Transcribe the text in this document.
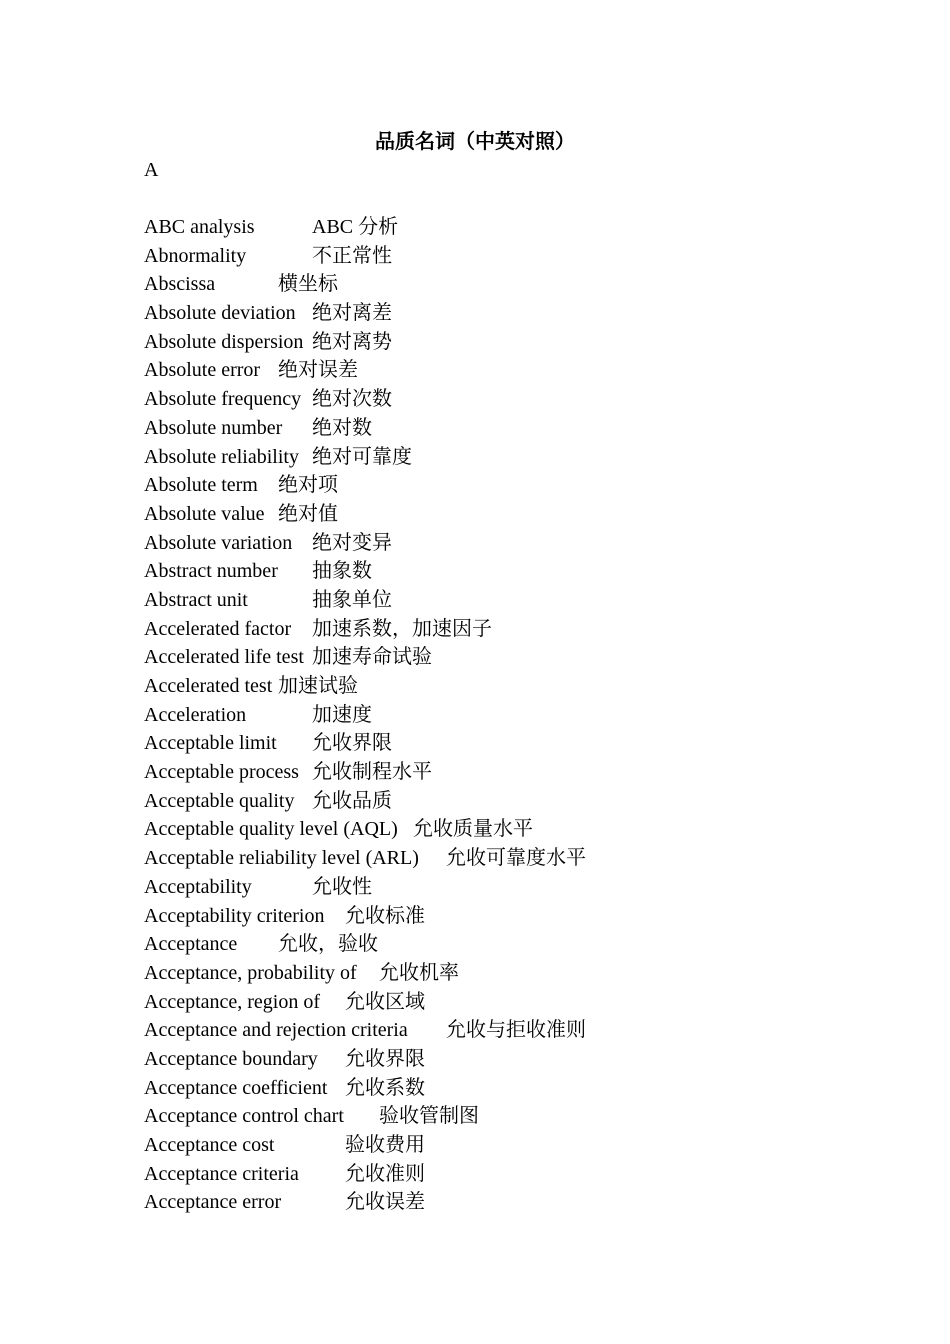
品质名词（中英对照）
A
ABC analysis	ABC 分析
Abnormality	不正常性
Abscissa	横坐标
Absolute deviation 绝对离差
Absolute dispersion 绝对离势
Absolute error 绝对误差
Absolute frequency 绝对次数
Absolute number 绝对数
Absolute reliability 绝对可靠度
Absolute term 绝对项
Absolute value 绝对值
Absolute variation 绝对变异
Abstract number 抽象数
Abstract unit	抽象单位
Accelerated factor 加速系数，加速因子
Accelerated life test 加速寿命试验
Accelerated test 加速试验
Acceleration	加速度
Acceptable limit 允收界限
Acceptable process 允收制程水平
Acceptable quality 允收品质
Acceptable quality level (AQL) 允收质量水平
Acceptable reliability level (ARL) 允收可靠度水平
Acceptability	允收性
Acceptability criterion 允收标准
Acceptance 允收，验收
Acceptance, probability of 允收机率
Acceptance, region of 允收区域
Acceptance and rejection criteria 允收与拒收准则
Acceptance boundary 允收界限
Acceptance coefficient 允收系数
Acceptance control chart 验收管制图
Acceptance cost	验收费用
Acceptance criteria 允收准则
Acceptance error	允收误差
